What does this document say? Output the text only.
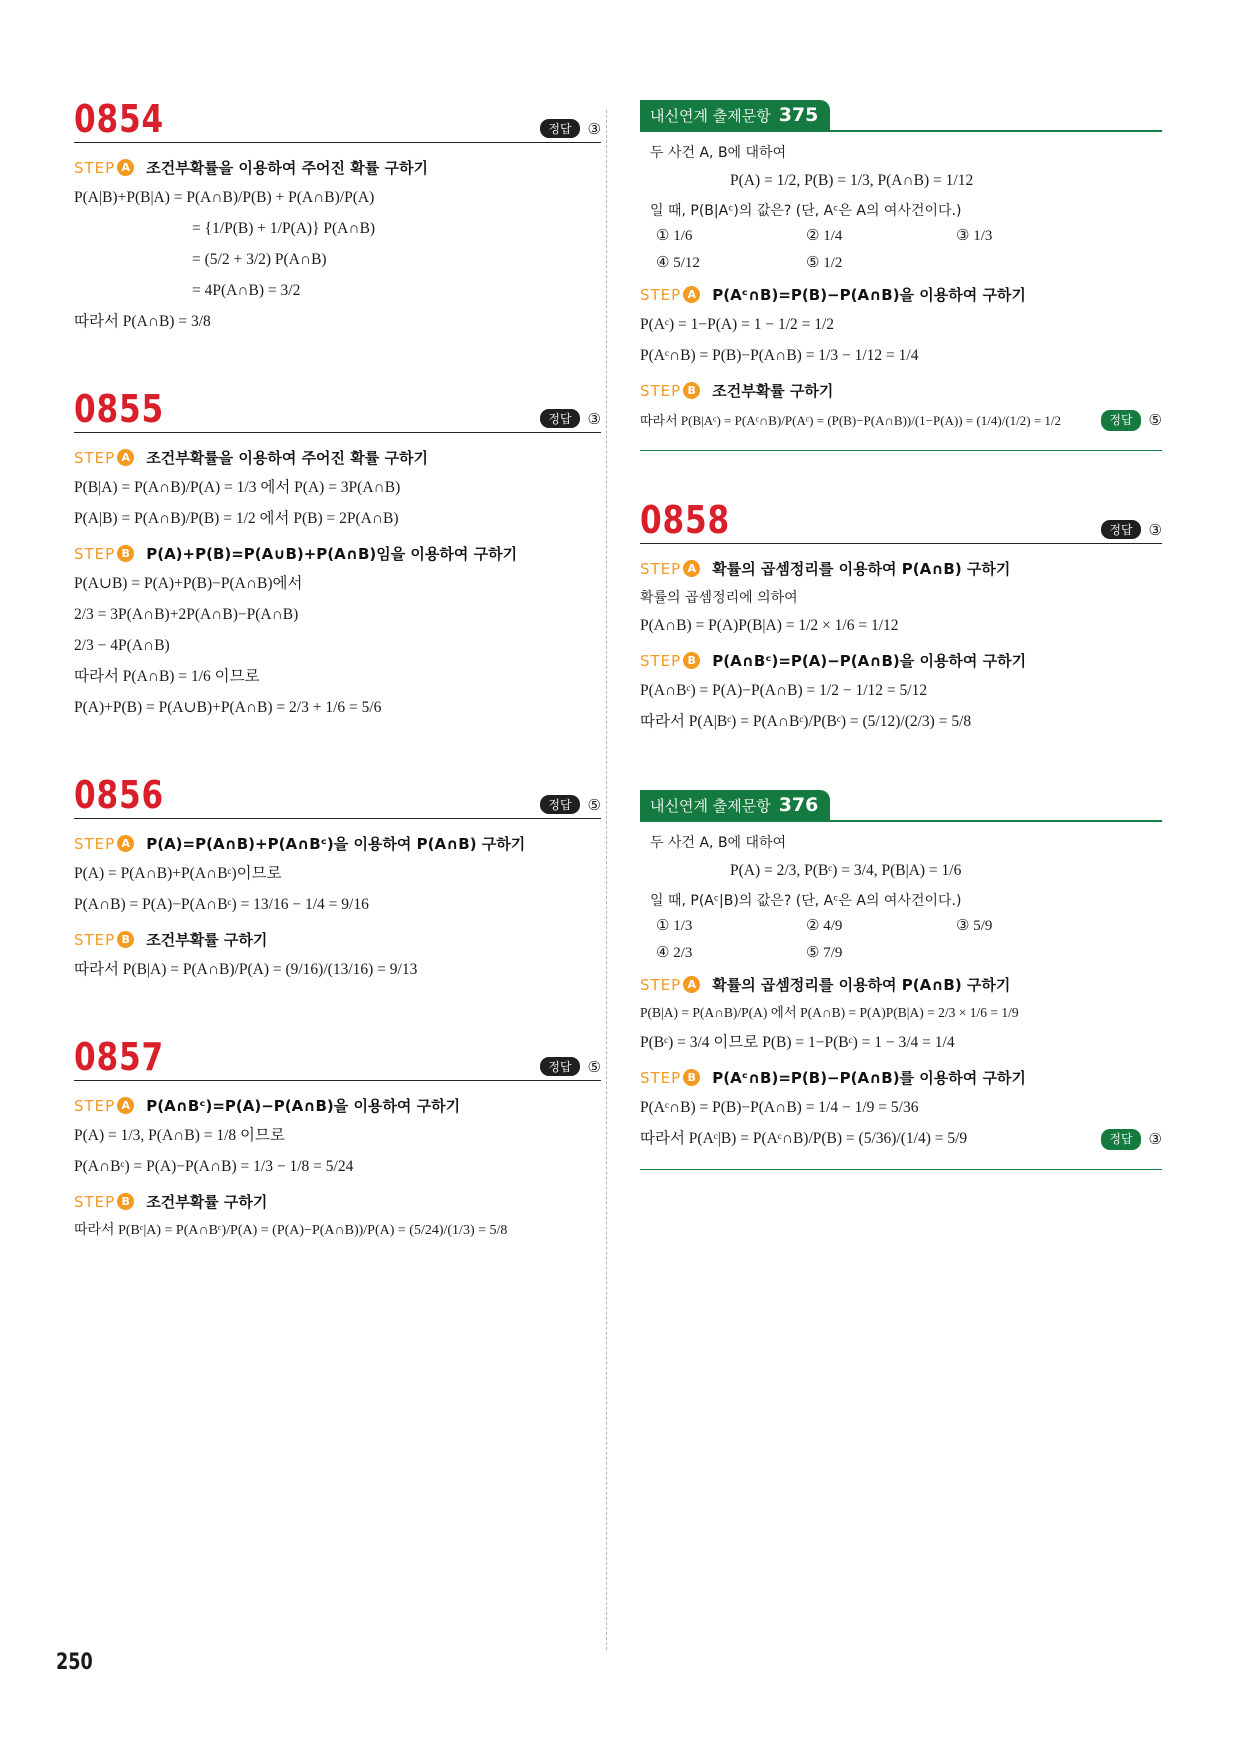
0854	정답	③
STEP A 조건부확률을 이용하여 주어진 확률 구하기
P(A|B)+P(B|A) = P(A∩B)/P(B) + P(A∩B)/P(A)
= {1/P(B) + 1/P(A)} P(A∩B)
= (5/2 + 3/2) P(A∩B)
= 4P(A∩B) = 3/2
따라서 P(A∩B) = 3/8
0855	정답	③
STEP A 조건부확률을 이용하여 주어진 확률 구하기
P(B|A) = P(A∩B)/P(A) = 1/3 에서 P(A) = 3P(A∩B)
P(A|B) = P(A∩B)/P(B) = 1/2 에서 P(B) = 2P(A∩B)
STEP B P(A)+P(B)=P(A∪B)+P(A∩B)임을 이용하여 구하기
P(A∪B) = P(A)+P(B)−P(A∩B)에서
2/3 = 3P(A∩B)+2P(A∩B)−P(A∩B)
2/3 − 4P(A∩B)
따라서 P(A∩B) = 1/6 이므로
P(A)+P(B) = P(A∪B)+P(A∩B) = 2/3 + 1/6 = 5/6
0856	정답	⑤
STEP A P(A)=P(A∩B)+P(A∩Bᶜ)을 이용하여 P(A∩B) 구하기
P(A) = P(A∩B)+P(A∩Bᶜ)이므로
P(A∩B) = P(A)−P(A∩Bᶜ) = 13/16 − 1/4 = 9/16
STEP B 조건부확률 구하기
따라서 P(B|A) = P(A∩B)/P(A) = (9/16)/(13/16) = 9/13
0857	정답	⑤
STEP A P(A∩Bᶜ)=P(A)−P(A∩B)을 이용하여 구하기
P(A) = 1/3, P(A∩B) = 1/8 이므로
P(A∩Bᶜ) = P(A)−P(A∩B) = 1/3 − 1/8 = 5/24
STEP B 조건부확률 구하기
따라서 P(Bᶜ|A) = P(A∩Bᶜ)/P(A) = (P(A)−P(A∩B))/P(A) = (5/24)/(1/3) = 5/8
내신연계 출제문항 375
두 사건 A, B에 대하여
P(A) = 1/2, P(B) = 1/3, P(A∩B) = 1/12
일 때, P(B|Aᶜ)의 값은? (단, Aᶜ은 A의 여사건이다.)
① 1/6	② 1/4	③ 1/3
④ 5/12	⑤ 1/2
STEP A P(Aᶜ∩B)=P(B)−P(A∩B)을 이용하여 구하기
P(Aᶜ) = 1−P(A) = 1 − 1/2 = 1/2
P(Aᶜ∩B) = P(B)−P(A∩B) = 1/3 − 1/12 = 1/4
STEP B 조건부확률 구하기
따라서 P(B|Aᶜ) = P(Aᶜ∩B)/P(Aᶜ) = (P(B)−P(A∩B))/(1−P(A)) = (1/4)/(1/2) = 1/2	정답	⑤
0858	정답	③
STEP A 확률의 곱셈정리를 이용하여 P(A∩B) 구하기
확률의 곱셈정리에 의하여
P(A∩B) = P(A)P(B|A) = 1/2 × 1/6 = 1/12
STEP B P(A∩Bᶜ)=P(A)−P(A∩B)을 이용하여 구하기
P(A∩Bᶜ) = P(A)−P(A∩B) = 1/2 − 1/12 = 5/12
따라서 P(A|Bᶜ) = P(A∩Bᶜ)/P(Bᶜ) = (5/12)/(2/3) = 5/8
내신연계 출제문항 376
두 사건 A, B에 대하여
P(A) = 2/3, P(Bᶜ) = 3/4, P(B|A) = 1/6
일 때, P(Aᶜ|B)의 값은? (단, Aᶜ은 A의 여사건이다.)
① 1/3	② 4/9	③ 5/9
④ 2/3	⑤ 7/9
STEP A 확률의 곱셈정리를 이용하여 P(A∩B) 구하기
P(B|A) = P(A∩B)/P(A) 에서 P(A∩B) = P(A)P(B|A) = 2/3 × 1/6 = 1/9
P(Bᶜ) = 3/4 이므로 P(B) = 1−P(Bᶜ) = 1 − 3/4 = 1/4
STEP B P(Aᶜ∩B)=P(B)−P(A∩B)를 이용하여 구하기
P(Aᶜ∩B) = P(B)−P(A∩B) = 1/4 − 1/9 = 5/36
따라서 P(Aᶜ|B) = P(Aᶜ∩B)/P(B) = (5/36)/(1/4) = 5/9	정답	③
250
